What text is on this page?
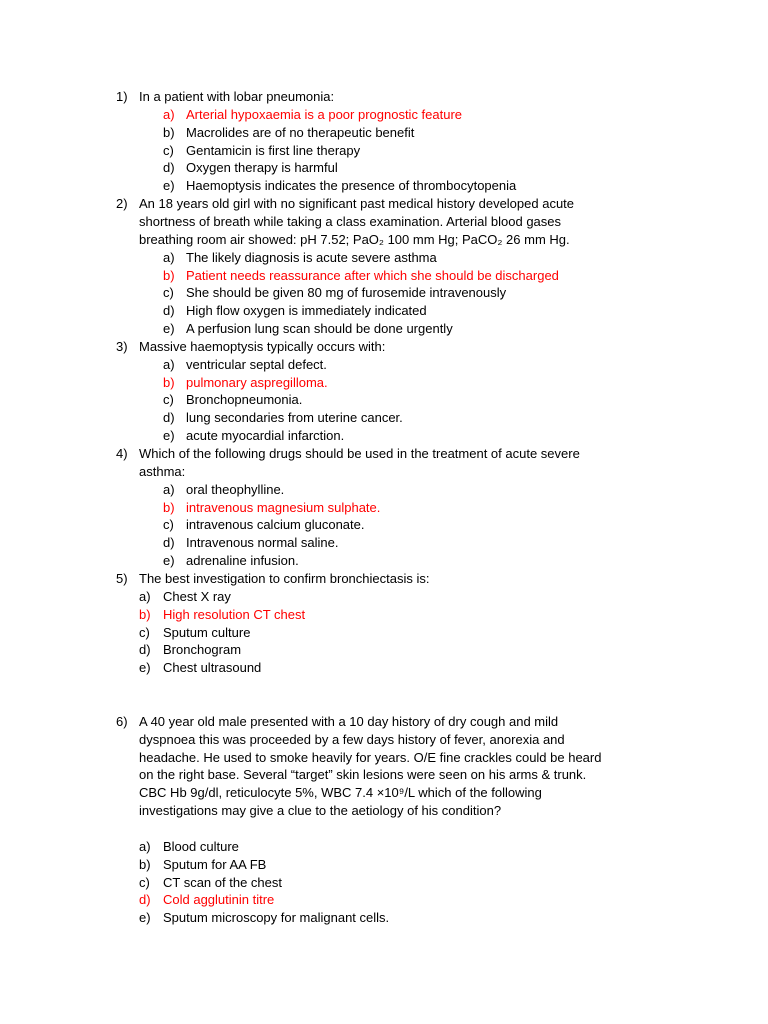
1) In a patient with lobar pneumonia:
a) Arterial hypoxaemia is a poor prognostic feature
b) Macrolides are of no therapeutic benefit
c) Gentamicin is first line therapy
d) Oxygen therapy is harmful
e) Haemoptysis indicates the presence of thrombocytopenia
2) An 18 years old girl with no significant past medical history developed acute
shortness of breath while taking a class examination. Arterial blood gases
breathing room air showed: pH 7.52; PaO₂ 100 mm Hg; PaCO₂ 26 mm Hg.
a) The likely diagnosis is acute severe asthma
b) Patient needs reassurance after which she should be discharged
c) She should be given 80 mg of furosemide intravenously
d) High flow oxygen is immediately indicated
e) A perfusion lung scan should be done urgently
3) Massive haemoptysis typically occurs with:
a) ventricular septal defect.
b) pulmonary aspregilloma.
c) Bronchopneumonia.
d) lung secondaries from uterine cancer.
e) acute myocardial infarction.
4) Which of the following drugs should be used in the treatment of acute severe
asthma:
a) oral theophylline.
b) intravenous magnesium sulphate.
c) intravenous calcium gluconate.
d) Intravenous normal saline.
e) adrenaline infusion.
5) The best investigation to confirm bronchiectasis is:
a) Chest X ray
b) High resolution CT chest
c) Sputum culture
d) Bronchogram
e) Chest ultrasound
6) A 40 year old male presented with a 10 day history of dry cough and mild
dyspnoea this was proceeded by a few days history of fever, anorexia and
headache. He used to smoke heavily for years. O/E fine crackles could be heard
on the right base. Several “target” skin lesions were seen on his arms & trunk.
CBC Hb 9g/dl, reticulocyte 5%, WBC 7.4 ×10⁹/L which of the following
investigations may give a clue to the aetiology of his condition?
a) Blood culture
b) Sputum for AA FB
c) CT scan of the chest
d) Cold agglutinin titre
e) Sputum microscopy for malignant cells.
